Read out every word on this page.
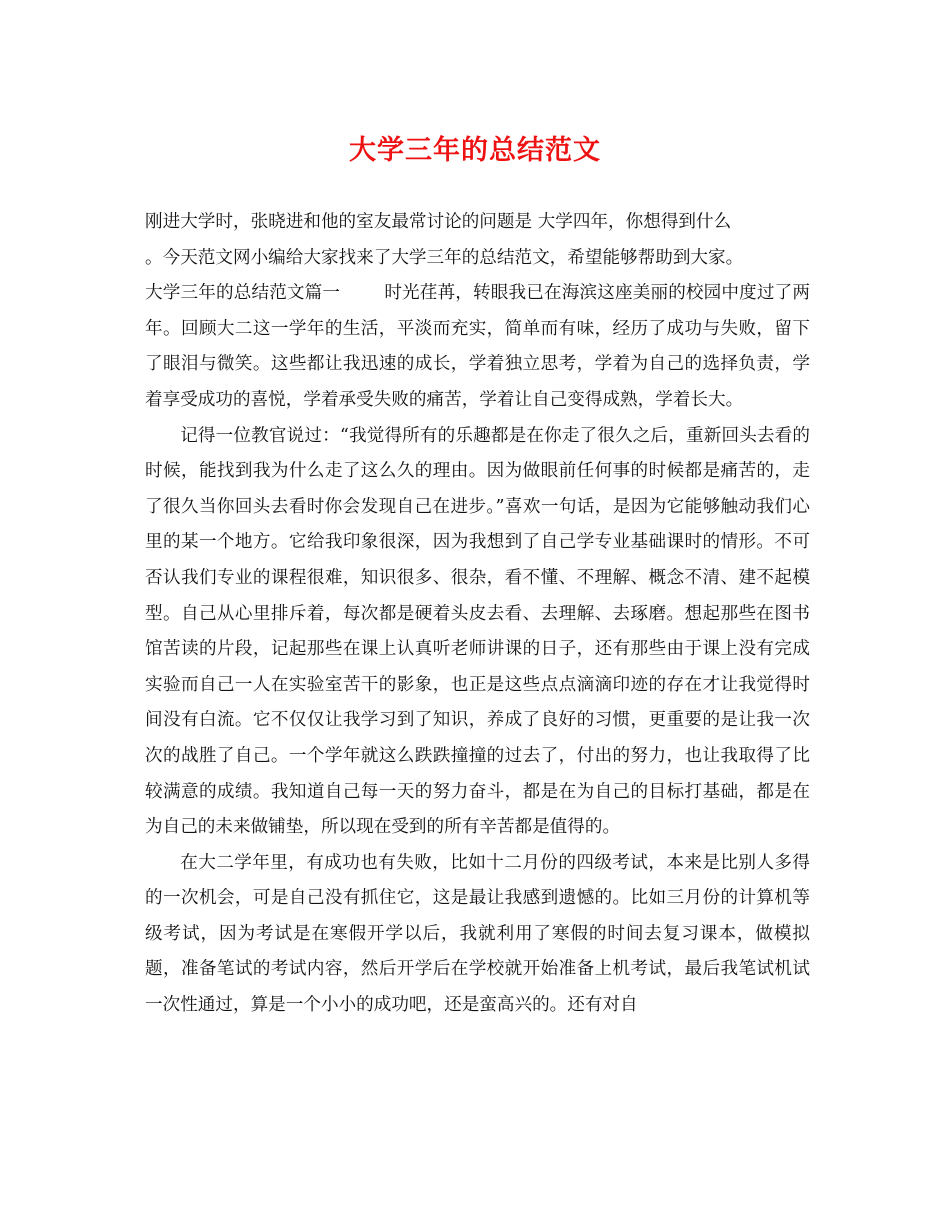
大学三年的总结范文

刚进大学时，张晓进和他的室友最常讨论的问题是 大学四年，你想得到什么

。今天范文网小编给大家找来了大学三年的总结范文，希望能够帮助到大家。

大学三年的总结范文篇一	时光荏苒，转眼我已在海滨这座美丽的校园中度过了两年。回顾大二这一学年的生活，平淡而充实，简单而有味，经历了成功与失败，留下了眼泪与微笑。这些都让我迅速的成长，学着独立思考，学着为自己的选择负责，学着享受成功的喜悦，学着承受失败的痛苦，学着让自己变得成熟，学着长大。

记得一位教官说过：“我觉得所有的乐趣都是在你走了很久之后，重新回头去看的时候，能找到我为什么走了这么久的理由。因为做眼前任何事的时候都是痛苦的，走了很久当你回头去看时你会发现自己在进步。”喜欢一句话，是因为它能够触动我们心里的某一个地方。它给我印象很深，因为我想到了自己学专业基础课时的情形。不可否认我们专业的课程很难，知识很多、很杂，看不懂、不理解、概念不清、建不起模型。自己从心里排斥着，每次都是硬着头皮去看、去理解、去琢磨。想起那些在图书馆苦读的片段，记起那些在课上认真听老师讲课的日子，还有那些由于课上没有完成实验而自己一人在实验室苦干的影象，也正是这些点点滴滴印迹的存在才让我觉得时间没有白流。它不仅仅让我学习到了知识，养成了良好的习惯，更重要的是让我一次次的战胜了自己。一个学年就这么跌跌撞撞的过去了，付出的努力，也让我取得了比较满意的成绩。我知道自己每一天的努力奋斗，都是在为自己的目标打基础，都是在为自己的未来做铺垫，所以现在受到的所有辛苦都是值得的。

在大二学年里，有成功也有失败，比如十二月份的四级考试，本来是比别人多得的一次机会，可是自己没有抓住它，这是最让我感到遗憾的。比如三月份的计算机等级考试，因为考试是在寒假开学以后，我就利用了寒假的时间去复习课本，做模拟题，准备笔试的考试内容，然后开学后在学校就开始准备上机考试，最后我笔试机试一次性通过，算是一个小小的成功吧，还是蛮高兴的。还有对自
